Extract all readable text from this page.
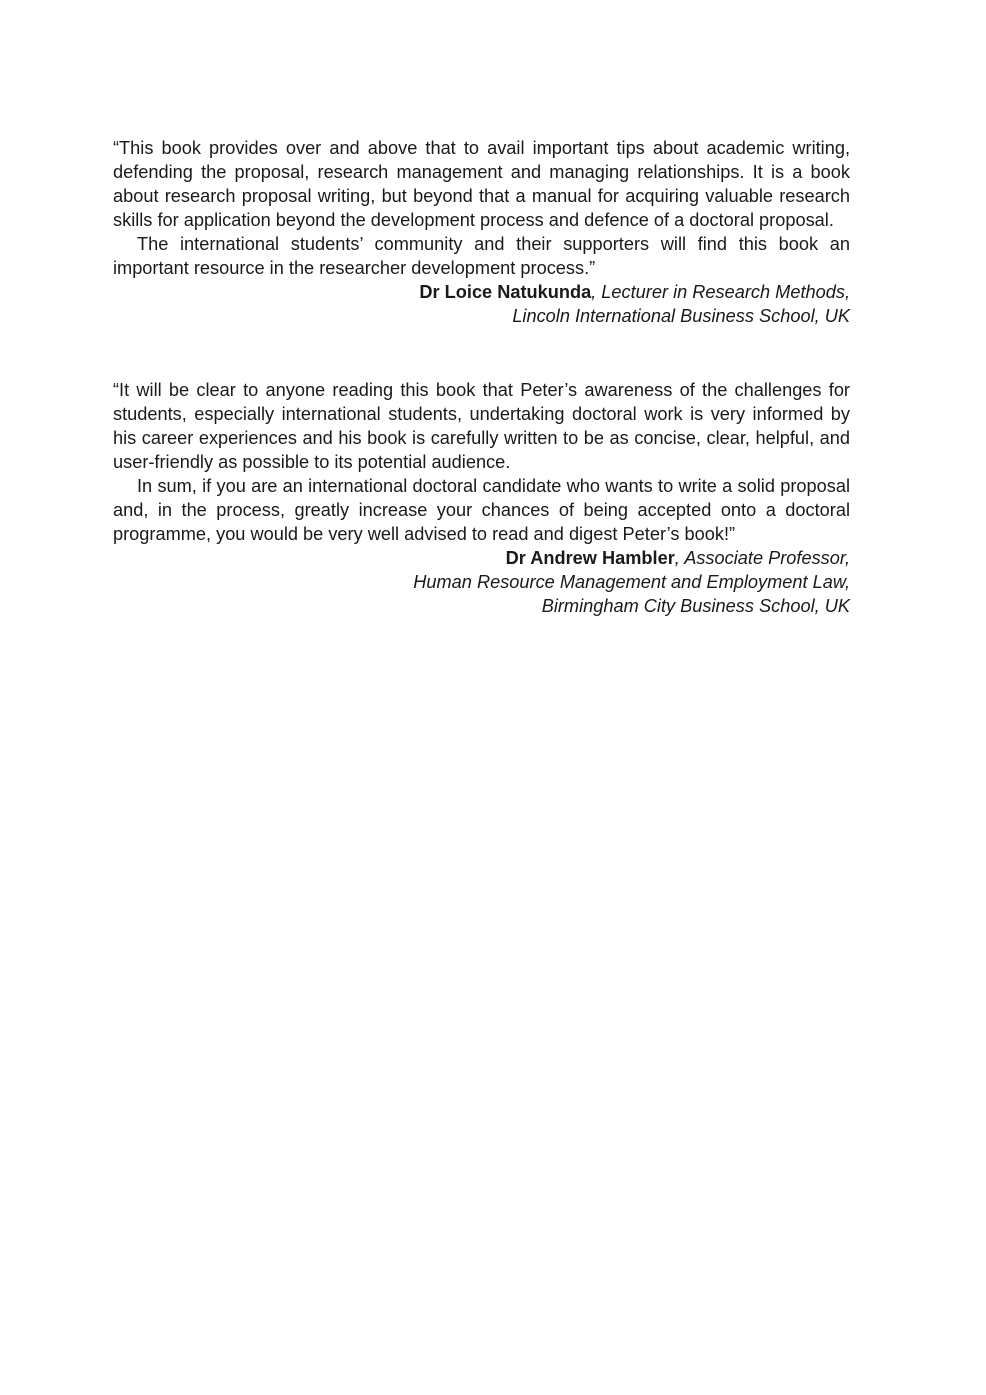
“This book provides over and above that to avail important tips about academic writing, defending the proposal, research management and managing relationships. It is a book about research proposal writing, but beyond that a manual for acquiring valuable research skills for application beyond the development process and defence of a doctoral proposal.

The international students’ community and their supporters will find this book an important resource in the researcher development process.”

Dr Loice Natukunda, Lecturer in Research Methods,
Lincoln International Business School, UK

“It will be clear to anyone reading this book that Peter’s awareness of the challenges for students, especially international students, undertaking doctoral work is very informed by his career experiences and his book is carefully written to be as concise, clear, helpful, and user-friendly as possible to its potential audience.

In sum, if you are an international doctoral candidate who wants to write a solid proposal and, in the process, greatly increase your chances of being accepted onto a doctoral programme, you would be very well advised to read and digest Peter’s book!”

Dr Andrew Hambler, Associate Professor,
Human Resource Management and Employment Law,
Birmingham City Business School, UK
